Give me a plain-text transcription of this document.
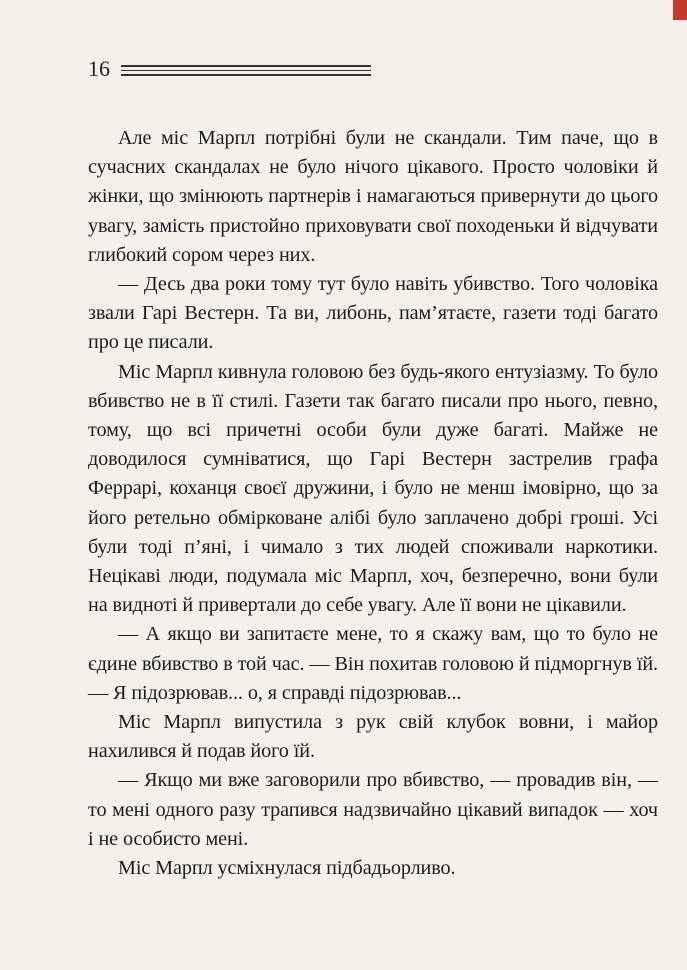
16

Але міс Марпл потрібні були не скандали. Тим паче, що в сучасних скандалах не було нічого цікавого. Просто чоловіки й жінки, що змінюють партнерів і намагаються привернути до цього увагу, замість пристойно приховувати свої походеньки й відчувати глибокий сором через них.

— Десь два роки тому тут було навіть убивство. Того чоловіка звали Гарі Вестерн. Та ви, либонь, пам’ятаєте, газети тоді багато про це писали.

Міс Марпл кивнула головою без будь-якого ентузіазму. То було вбивство не в її стилі. Газети так багато писали про нього, певно, тому, що всі причетні особи були дуже багаті. Майже не доводилося сумніватися, що Гарі Вестерн застрелив графа Феррарі, коханця своєї дружини, і було не менш імовірно, що за його ретельно обмірковане алібі було заплачено добрі гроші. Усі були тоді п’яні, і чимало з тих людей споживали наркотики. Нецікаві люди, подумала міс Марпл, хоч, безперечно, вони були на видноті й привертали до себе увагу. Але її вони не цікавили.

— А якщо ви запитаєте мене, то я скажу вам, що то було не єдине вбивство в той час. — Він похитав головою й підморгнув їй. — Я підозрював... о, я справді підозрював...

Міс Марпл випустила з рук свій клубок вовни, і майор нахилився й подав його їй.

— Якщо ми вже заговорили про вбивство, — провадив він, — то мені одного разу трапився надзвичайно цікавий випадок — хоч і не особисто мені.

Міс Марпл усміхнулася підбадьорливо.
